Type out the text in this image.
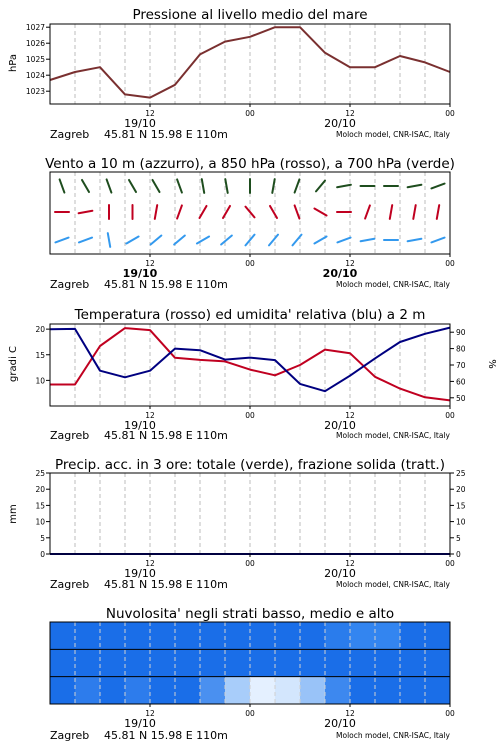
Pressione al livello medio del mare
hPa
1023
1024
1025
1026
1027
12	00	12	00
19/10	20/10
Zagreb 45.81 N 15.98 E 110m	Moloch model, CNR-ISAC, Italy
Vento a 10 m (azzurro), a 850 hPa (rosso), a 700 hPa (verde)
12	00	12	00
19/10	20/10
Zagreb 45.81 N 15.98 E 110m	Moloch model, CNR-ISAC, Italy
Temperatura (rosso) ed umidita' relativa (blu) a 2 m
gradi C	%
10
15
20
50
60
70
80
90
12	00	12	00
19/10	20/10
Zagreb 45.81 N 15.98 E 110m	Moloch model, CNR-ISAC, Italy
Precip. acc. in 3 ore: totale (verde), frazione solida (tratt.)
mm
0
5
10
15
20
25
0
5
10
15
20
25
12	00	12	00
19/10	20/10
Zagreb 45.81 N 15.98 E 110m	Moloch model, CNR-ISAC, Italy
Nuvolosita' negli strati basso, medio e alto
12	00	12	00
19/10	20/10
Zagreb 45.81 N 15.98 E 110m	Moloch model, CNR-ISAC, Italy
